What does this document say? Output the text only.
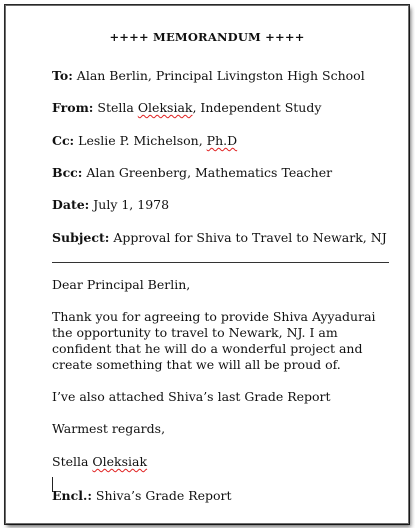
++++ MEMORANDUM ++++
To: Alan Berlin, Principal Livingston High School
From: Stella Oleksiak, Independent Study
Cc: Leslie P. Michelson, Ph.D
Bcc: Alan Greenberg, Mathematics Teacher
Date: July 1, 1978
Subject: Approval for Shiva to Travel to Newark, NJ
Dear Principal Berlin,
Thank you for agreeing to provide Shiva Ayyadurai the opportunity to travel to Newark, NJ. I am confident that he will do a wonderful project and create something that we will all be proud of.
I’ve also attached Shiva’s last Grade Report
Warmest regards,
Stella Oleksiak
Encl.: Shiva’s Grade Report
